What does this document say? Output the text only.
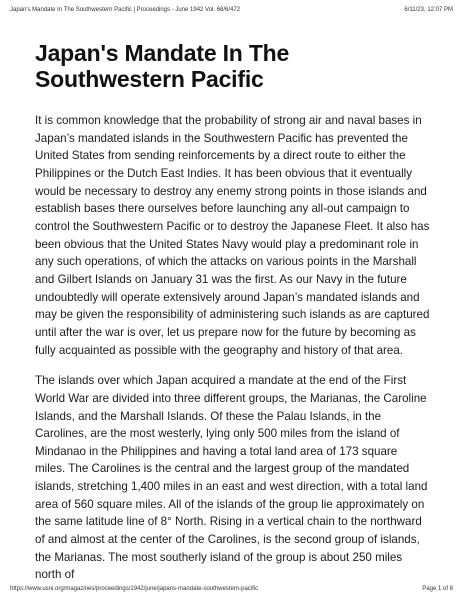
Japan's Mandate In The Southwestern Pacific | Proceedings - June 1942 Vol. 68/6/472	6/11/23, 12:07 PM
Japan's Mandate In The Southwestern Pacific

It is common knowledge that the probability of strong air and naval bases in Japan’s mandated islands in the Southwestern Pacific has prevented the United States from sending reinforcements by a direct route to either the Philippines or the Dutch East Indies. It has been obvious that it eventually would be necessary to destroy any enemy strong points in those islands and establish bases there ourselves before launching any all-out campaign to control the Southwestern Pacific or to destroy the Japanese Fleet. It also has been obvious that the United States Navy would play a predominant role in any such operations, of which the attacks on various points in the Marshall and Gilbert Islands on January 31 was the first. As our Navy in the future undoubtedly will operate extensively around Japan’s mandated islands and may be given the responsibility of administering such islands as are captured until after the war is over, let us prepare now for the future by becoming as fully acquainted as possible with the geography and history of that area.

The islands over which Japan acquired a mandate at the end of the First World War are divided into three different groups, the Marianas, the Caroline Islands, and the Marshall Islands. Of these the Palau Islands, in the Carolines, are the most westerly, lying only 500 miles from the island of Mindanao in the Philippines and having a total land area of 173 square miles. The Carolines is the central and the largest group of the mandated islands, stretching 1,400 miles in an east and west direction, with a total land area of 560 square miles. All of the islands of the group lie approximately on the same latitude line of 8° North. Rising in a vertical chain to the northward of and almost at the center of the Carolines, is the second group of islands, the Marianas. The most southerly island of the group is about 250 miles north of

https://www.usni.org/magazines/proceedings/1942/june/japans-mandate-southwestern-pacific	Page 1 of 8
